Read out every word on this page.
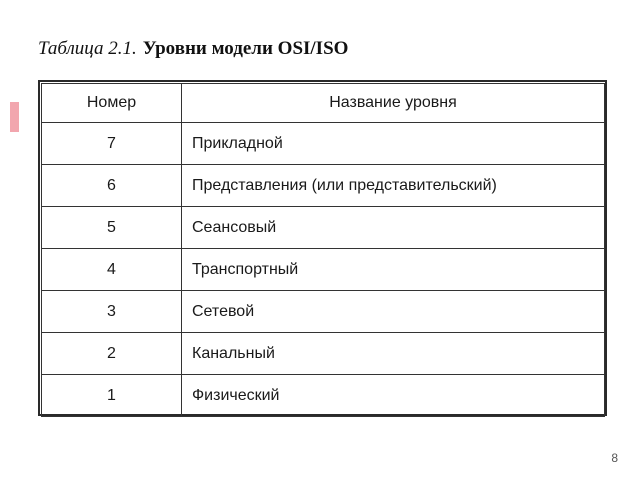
Таблица 2.1. Уровни модели OSI/ISO
Номер	Название уровня
7	Прикладной
6	Представления (или представительский)
5	Сеансовый
4	Транспортный
3	Сетевой
2	Канальный
1	Физический
8
